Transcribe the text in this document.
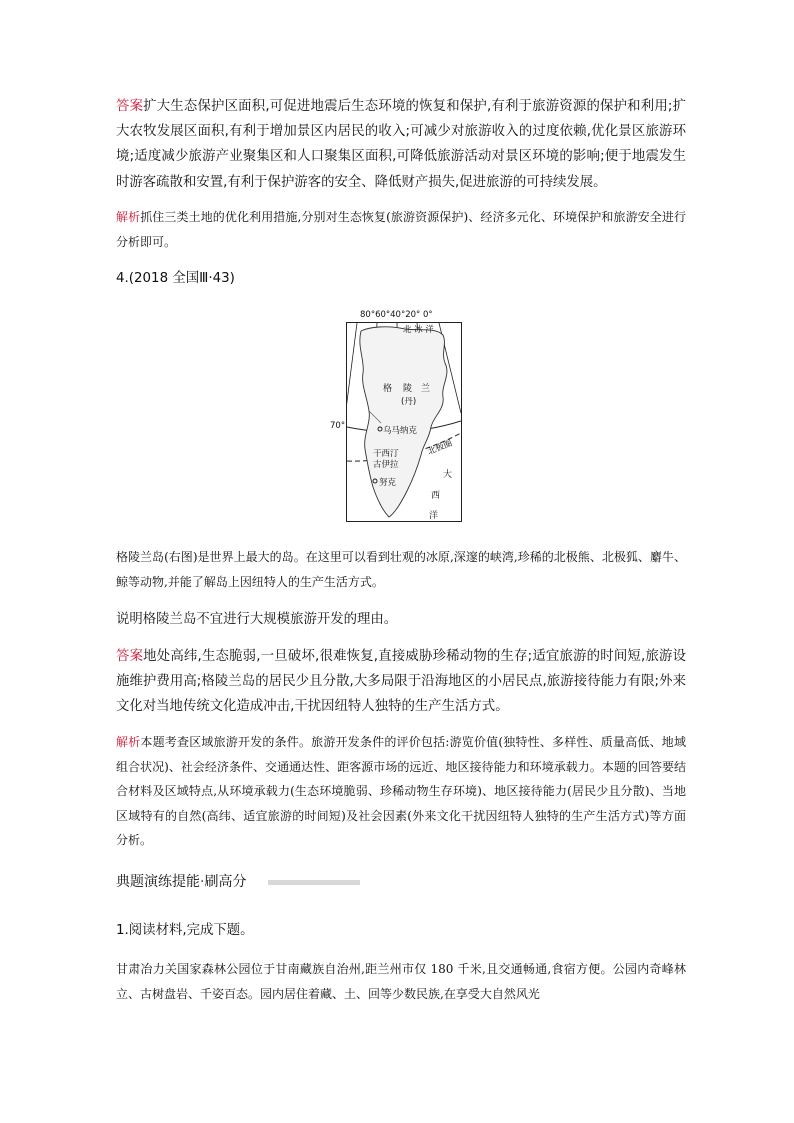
答案扩大生态保护区面积,可促进地震后生态环境的恢复和保护,有利于旅游资源的保护和利用;扩大农牧发展区面积,有利于增加景区内居民的收入;可减少对旅游收入的过度依赖,优化景区旅游环境;适度减少旅游产业聚集区和人口聚集区面积,可降低旅游活动对景区环境的影响;便于地震发生时游客疏散和安置,有利于保护游客的安全、降低财产损失,促进旅游的可持续发展。

解析抓住三类土地的优化利用措施,分别对生态恢复(旅游资源保护)、经济多元化、环境保护和旅游安全进行分析即可。

4.(2018 全国Ⅲ·43)

80°60°40°20° 0°
70°
北 冰 洋
格 陵 兰
(丹)
乌马纳克
干西汀
古伊拉
努克
北极圈
大
西
洋

格陵兰岛(右图)是世界上最大的岛。在这里可以看到壮观的冰原,深邃的峡湾,珍稀的北极熊、北极狐、麝牛、鲸等动物,并能了解岛上因纽特人的生产生活方式。

说明格陵兰岛不宜进行大规模旅游开发的理由。

答案地处高纬,生态脆弱,一旦破坏,很难恢复,直接威胁珍稀动物的生存;适宜旅游的时间短,旅游设施维护费用高;格陵兰岛的居民少且分散,大多局限于沿海地区的小居民点,旅游接待能力有限;外来文化对当地传统文化造成冲击,干扰因纽特人独特的生产生活方式。

解析本题考查区域旅游开发的条件。旅游开发条件的评价包括:游览价值(独特性、多样性、质量高低、地域组合状况)、社会经济条件、交通通达性、距客源市场的远近、地区接待能力和环境承载力。本题的回答要结合材料及区域特点,从环境承载力(生态环境脆弱、珍稀动物生存环境)、地区接待能力(居民少且分散)、当地区域特有的自然(高纬、适宜旅游的时间短)及社会因素(外来文化干扰因纽特人独特的生产生活方式)等方面分析。

典题演练提能·刷高分

1.阅读材料,完成下题。

甘肃冶力关国家森林公园位于甘南藏族自治州,距兰州市仅 180 千米,且交通畅通,食宿方便。公园内奇峰林立、古树盘岩、千姿百态。园内居住着藏、土、回等少数民族,在享受大自然风光
